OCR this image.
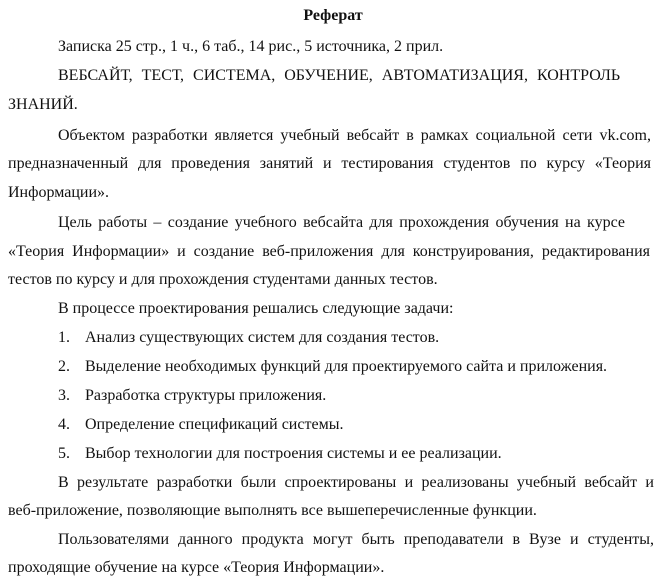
Реферат
Записка 25 стр., 1 ч., 6 таб., 14 рис., 5 источника, 2 прил.
ВЕБСАЙТ, ТЕСТ, СИСТЕМА, ОБУЧЕНИЕ, АВТОМАТИЗАЦИЯ, КОНТРОЛЬ
ЗНАНИЙ.
Объектом разработки является учебный вебсайт в рамках социальной сети vk.com,
предназначенный для проведения занятий и тестирования студентов по курсу «Теория
Информации».
Цель работы – создание учебного вебсайта для прохождения обучения на курсе
«Теория Информации» и создание веб-приложения для конструирования, редактирования
тестов по курсу и для прохождения студентами данных тестов.
В процессе проектирования решались следующие задачи:
1. Анализ существующих систем для создания тестов.
2. Выделение необходимых функций для проектируемого сайта и приложения.
3. Разработка структуры приложения.
4. Определение спецификаций системы.
5. Выбор технологии для построения системы и ее реализации.
В результате разработки были спроектированы и реализованы учебный вебсайт и
веб-приложение, позволяющие выполнять все вышеперечисленные функции.
Пользователями данного продукта могут быть преподаватели в Вузе и студенты,
проходящие обучение на курсе «Теория Информации».
